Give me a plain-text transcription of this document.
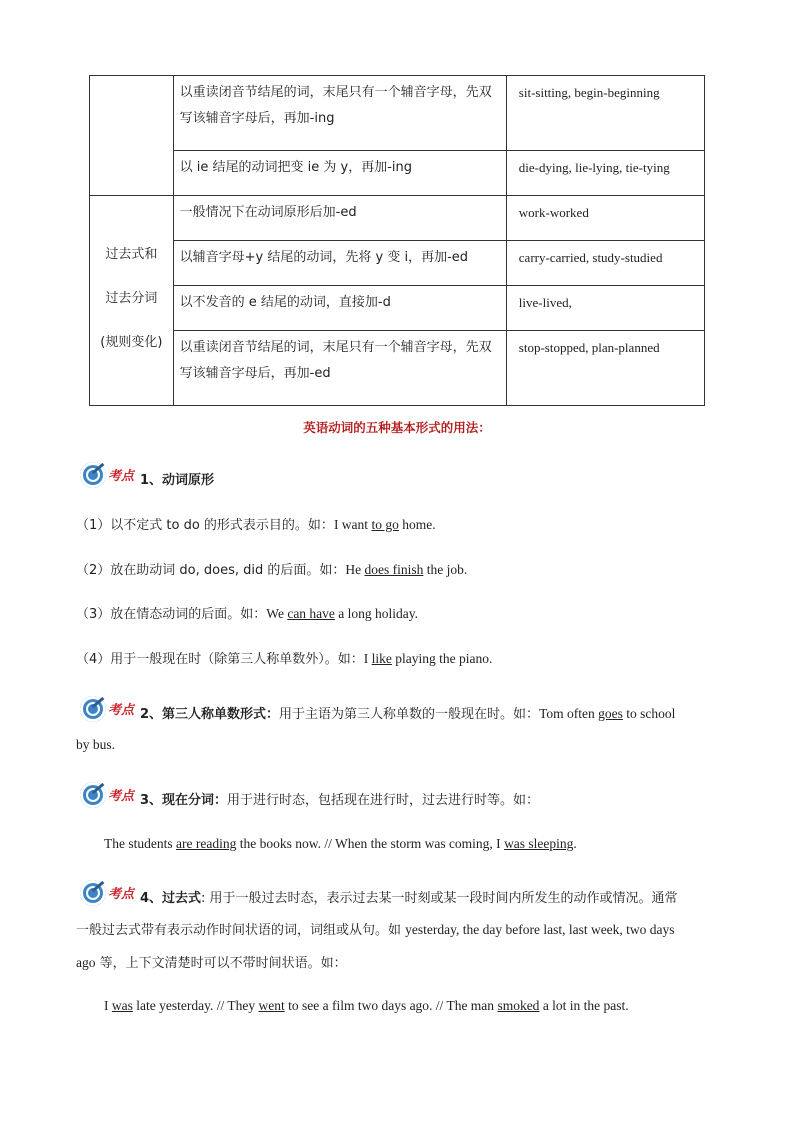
	以重读闭音节结尾的词，末尾只有一个辅音字母，先双写该辅音字母后，再加-ing	sit-sitting, begin-beginning
	以 ie 结尾的动词把变 ie 为 y，再加-ing	die-dying, lie-lying, tie-tying

过去式和
过去分词
(规则变化)	一般情况下在动词原形后加-ed	work-worked
	以辅音字母+y 结尾的动词，先将 y 变 i，再加-ed	carry-carried, study-studied
	以不发音的 e 结尾的动词，直接加-d	live-lived,
	以重读闭音节结尾的词，末尾只有一个辅音字母，先双写该辅音字母后，再加-ed	stop-stopped, plan-planned
英语动词的五种基本形式的用法：
考点 1、动词原形
（1）以不定式 to do 的形式表示目的。如：I want to go home.
（2）放在助动词 do, does, did 的后面。如：He does finish the job.
（3）放在情态动词的后面。如：We can have a long holiday.
（4）用于一般现在时（除第三人称单数外）。如：I like playing the piano.
考点 2、第三人称单数形式：用于主语为第三人称单数的一般现在时。如：Tom often goes to school
by bus.
考点 3、现在分词：用于进行时态，包括现在进行时，过去进行时等。如：
The students are reading the books now. // When the storm was coming, I was sleeping.
考点 4、过去式: 用于一般过去时态，表示过去某一时刻或某一段时间内所发生的动作或情况。通常
一般过去式带有表示动作时间状语的词，词组或从句。如 yesterday, the day before last, last week, two days
ago 等，上下文清楚时可以不带时间状语。如：
I was late yesterday. // They went to see a film two days ago. // The man smoked a lot in the past.
